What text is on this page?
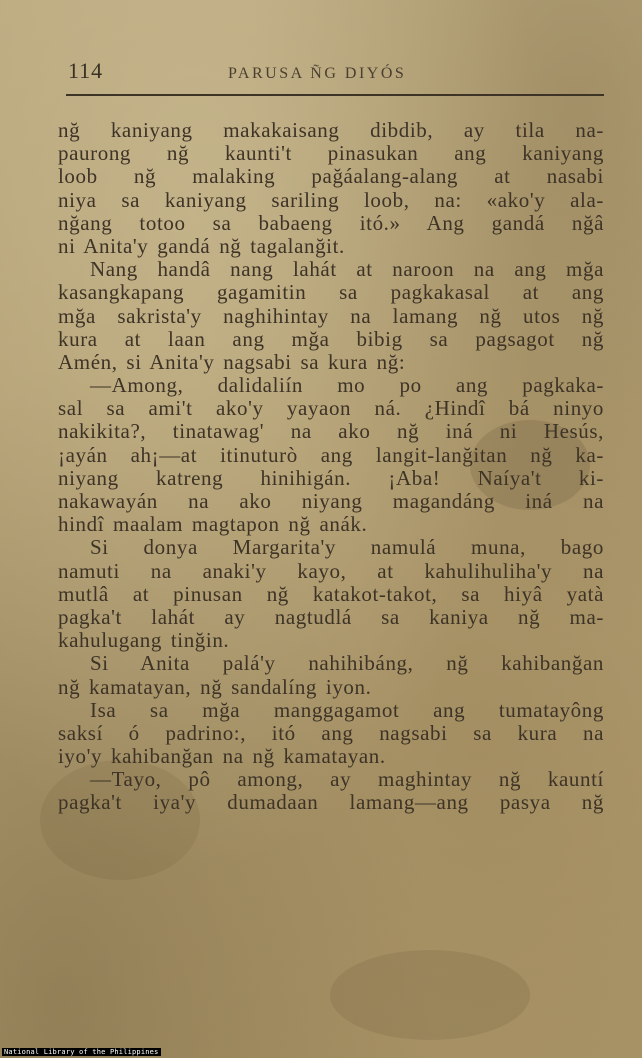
114	PARUSA ÑG DIYÓS
nğ kaniyang makakaisang dibdib, ay tila na-
paurong nğ kaunti't pinasukan ang kaniyang
loob nğ malaking pağáalang-alang at nasabi
niya sa kaniyang sariling loob, na: «ako'y ala-
nğang totoo sa babaeng itó.» Ang gandá nğâ
ni Anita'y gandá nğ tagalanğit.
Nang handâ nang lahát at naroon na ang mğa
kasangkapang gagamitin sa pagkakasal at ang
mğa sakrista'y naghihintay na lamang nğ utos nğ
kura at laan ang mğa bibig sa pagsagot nğ
Amén, si Anita'y nagsabi sa kura nğ:
—Among, dalidaliín mo po ang pagkaka-
sal sa ami't ako'y yayaon ná. ¿Hindî bá ninyo
nakikita?, tinatawag' na ako nğ iná ni Hesús,
¡ayán ah¡—at itinuturò ang langit-lanğitan nğ ka-
niyang katreng hinihigán. ¡Aba! Naíya't ki-
nakawayán na ako niyang magandáng iná na
hindî maalam magtapon nğ anák.
Si donya Margarita'y namulá muna, bago
namuti na anaki'y kayo, at kahulihuliha'y na
mutlâ at pinusan nğ katakot-takot, sa hiyâ yatà
pagka't lahát ay nagtudlá sa kaniya nğ ma-
kahulugang tinğin.
Si Anita palá'y nahihibáng, nğ kahibanğan
nğ kamatayan, nğ sandalíng iyon.
Isa sa mğa manggagamot ang tumatayông
saksí ó padrino:, itó ang nagsabi sa kura na
iyo'y kahibanğan na nğ kamatayan.
—Tayo, pô among, ay maghintay nğ kauntí
pagka't iya'y dumadaan lamang—ang pasya nğ
National Library of the Philippines
